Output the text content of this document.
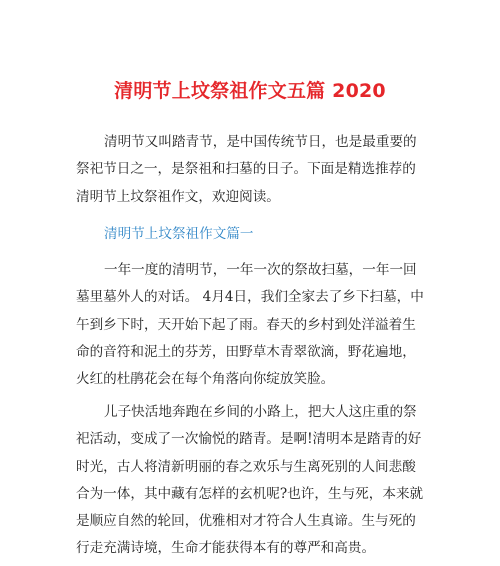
清明节上坟祭祖作文五篇 2020

清明节又叫踏青节，是中国传统节日，也是最重要的祭祀节日之一，是祭祖和扫墓的日子。下面是精选推荐的清明节上坟祭祖作文，欢迎阅读。

清明节上坟祭祖作文篇一

一年一度的清明节，一年一次的祭故扫墓，一年一回墓里墓外人的对话。 4月4日，我们全家去了乡下扫墓，中午到乡下时，天开始下起了雨。春天的乡村到处洋溢着生命的音符和泥土的芬芳，田野草木青翠欲滴，野花遍地，火红的杜鹃花会在每个角落向你绽放笑脸。

儿子快活地奔跑在乡间的小路上，把大人这庄重的祭祀活动，变成了一次愉悦的踏青。是啊!清明本是踏青的好时光，古人将清新明丽的春之欢乐与生离死别的人间悲酸合为一体，其中藏有怎样的玄机呢?也许，生与死，本来就是顺应自然的轮回，优雅相对才符合人生真谛。生与死的行走充满诗境，生命才能获得本有的尊严和高贵。
